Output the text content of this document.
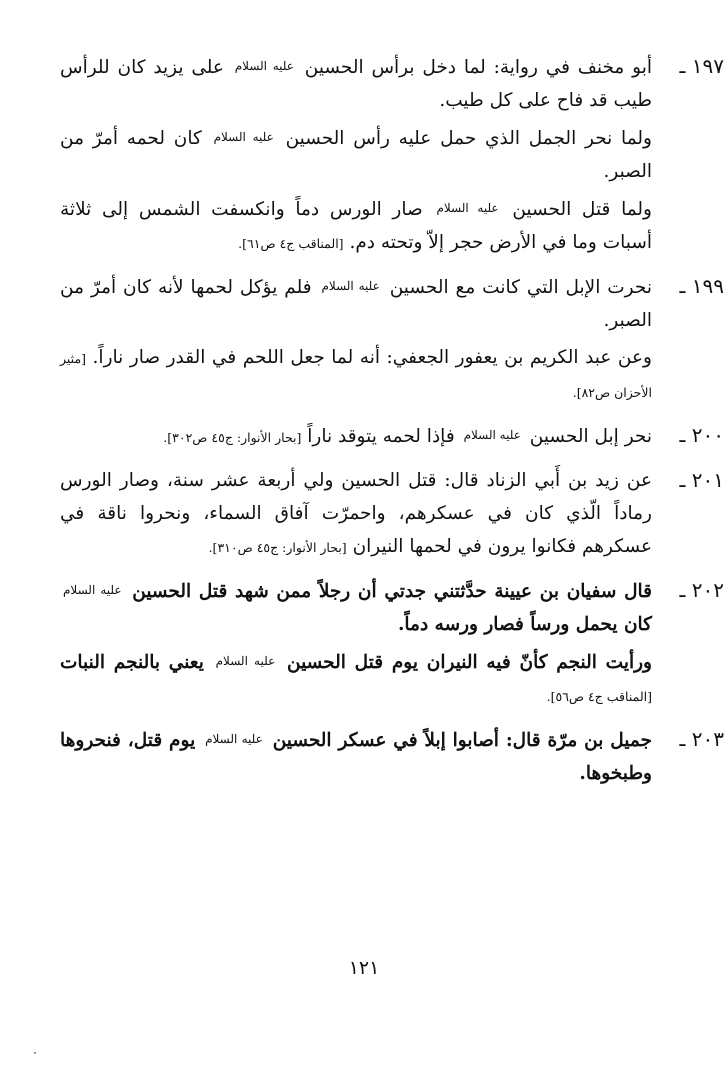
١٩٧ ـ

أبو مخنف في رواية: لما دخل برأس الحسين عليه السلام على يزيد كان للرأس طيب قد فاح على كل طيب.

ولما نحر الجمل الذي حمل عليه رأس الحسين عليه السلام كان لحمه أمرّ من الصبر.

ولما قتل الحسين عليه السلام صار الورس دماً وانكسفت الشمس إلى ثلاثة أسبات وما في الأرض حجر إلاّ وتحته دم. [المناقب ج٤ ص٦١].

١٩٩ ـ

نحرت الإبل التي كانت مع الحسين عليه السلام فلم يؤكل لحمها لأنه كان أمرّ من الصبر.

وعن عبد الكريم بن يعفور الجعفي: أنه لما جعل اللحم في القدر صار ناراً. [مثير الأحزان ص٨٢].

٢٠٠ ـ

نحر إبل الحسين عليه السلام فإذا لحمه يتوقد ناراً [بحار الأنوار: ج٤٥ ص٣٠٢].

٢٠١ ـ

عن زيد بن أَبي الزناد قال: قتل الحسين ولي أربعة عشر سنة، وصار الورس رماداً الّذي كان في عسكرهم، واحمرّت آفاق السماء، ونحروا ناقة في عسكرهم فكانوا يرون في لحمها النيران [بحار الأنوار: ج٤٥ ص٣١٠].

٢٠٢ ـ

قال سفيان بن عيينة حدَّثتني جدتي أن رجلاً ممن شهد قتل الحسين عليه السلام كان يحمل ورساً فصار ورسه دماً.

ورأيت النجم كأنّ فيه النيران يوم قتل الحسين عليه السلام يعني بالنجم النبات [المناقب ج٤ ص٥٦].

٢٠٣ ـ

جميل بن مرّة قال: أصابوا إبلاً في عسكر الحسين عليه السلام يوم قتل، فنحروها وطبخوها.

١٢١
